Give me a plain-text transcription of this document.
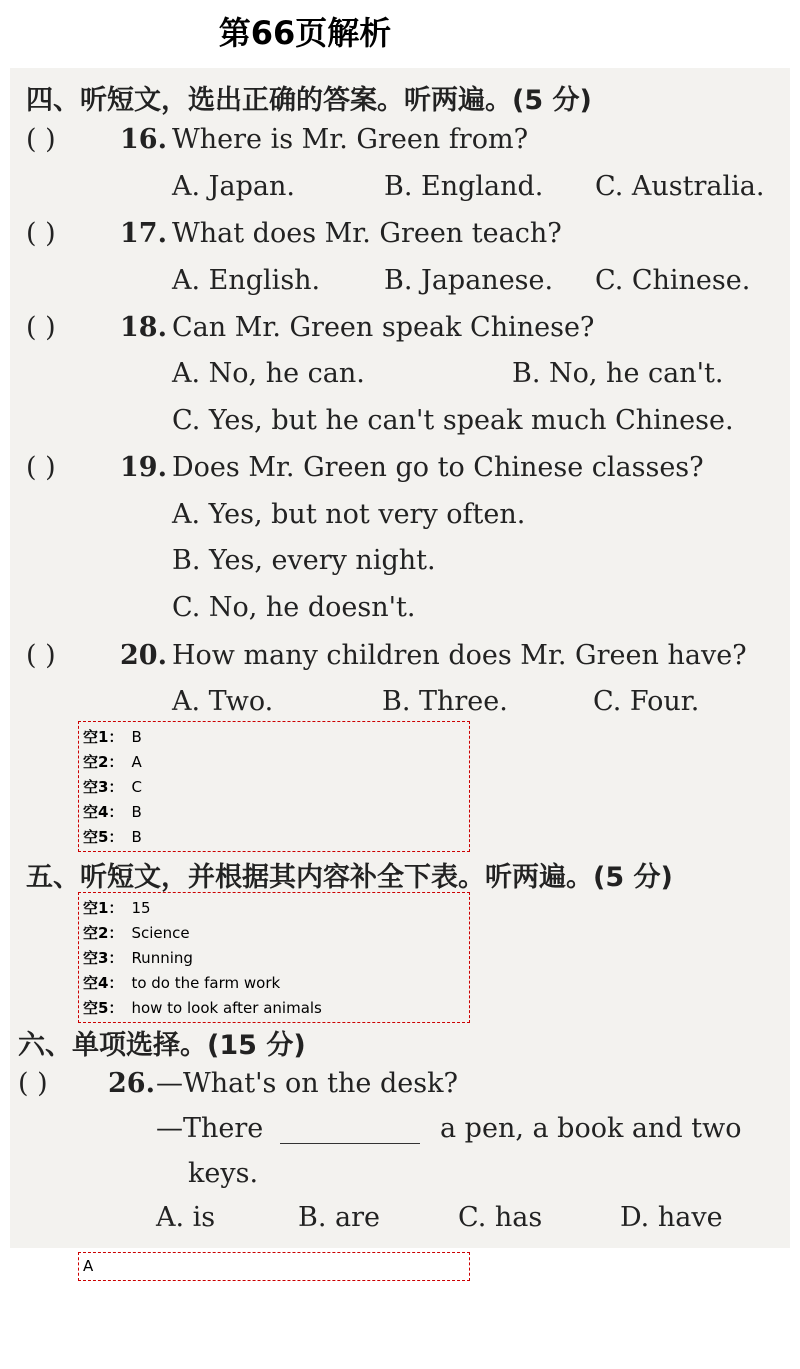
第66页解析
四、听短文，选出正确的答案。听两遍。(5 分)
( ) 16. Where is Mr. Green from?
A. Japan.	B. England. C. Australia.
( ) 17. What does Mr. Green teach?
A. English. B. Japanese. C. Chinese.
( ) 18. Can Mr. Green speak Chinese?
A. No, he can.	B. No, he can't.
C. Yes, but he can't speak much Chinese.
( ) 19. Does Mr. Green go to Chinese classes?
A. Yes, but not very often.
B. Yes, every night.
C. No, he doesn't.
( ) 20. How many children does Mr. Green have?
A. Two.	B. Three.	C. Four.
空1： B
空2： A
空3： C
空4： B
空5： B
五、听短文，并根据其内容补全下表。听两遍。(5 分)
空1： 15
空2： Science
空3： Running
空4： to do the farm work
空5： how to look after animals
六、单项选择。(15 分)
( ) 26. —What's on the desk?
—There	a pen, a book and two
keys.
A. is	B. are	C. has	D. have
A
